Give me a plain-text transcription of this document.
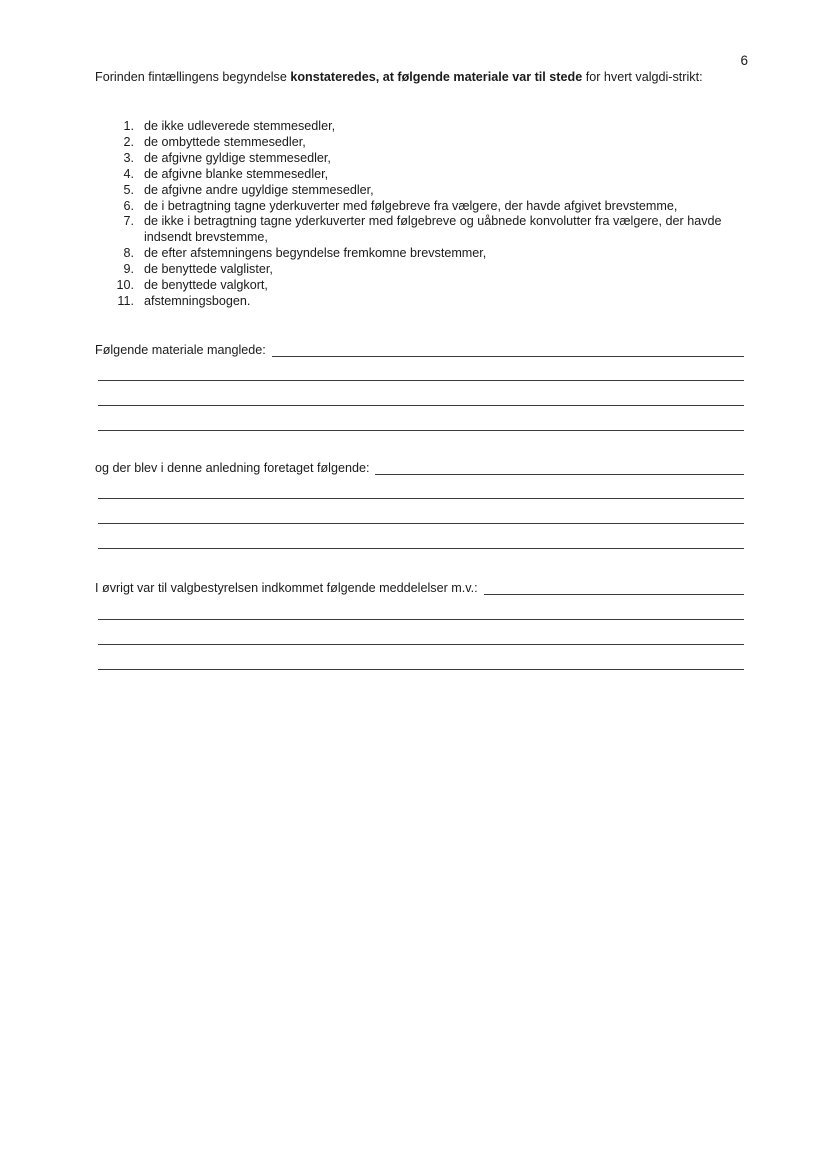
6

Forinden fintællingens begyndelse konstateredes, at følgende materiale var til stede for hvert valgdi-strikt:

1. de ikke udleverede stemmesedler,
2. de ombyttede stemmesedler,
3. de afgivne gyldige stemmesedler,
4. de afgivne blanke stemmesedler,
5. de afgivne andre ugyldige stemmesedler,
6. de i betragtning tagne yderkuverter med følgebreve fra vælgere, der havde afgivet brevstemme,
7. de ikke i betragtning tagne yderkuverter med følgebreve og uåbnede konvolutter fra vælgere, der havde indsendt brevstemme,
8. de efter afstemningens begyndelse fremkomne brevstemmer,
9. de benyttede valglister,
10. de benyttede valgkort,
11. afstemningsbogen.
Følgende materiale manglede:
og der blev i denne anledning foretaget følgende:
I øvrigt var til valgbestyrelsen indkommet følgende meddelelser m.v.:
